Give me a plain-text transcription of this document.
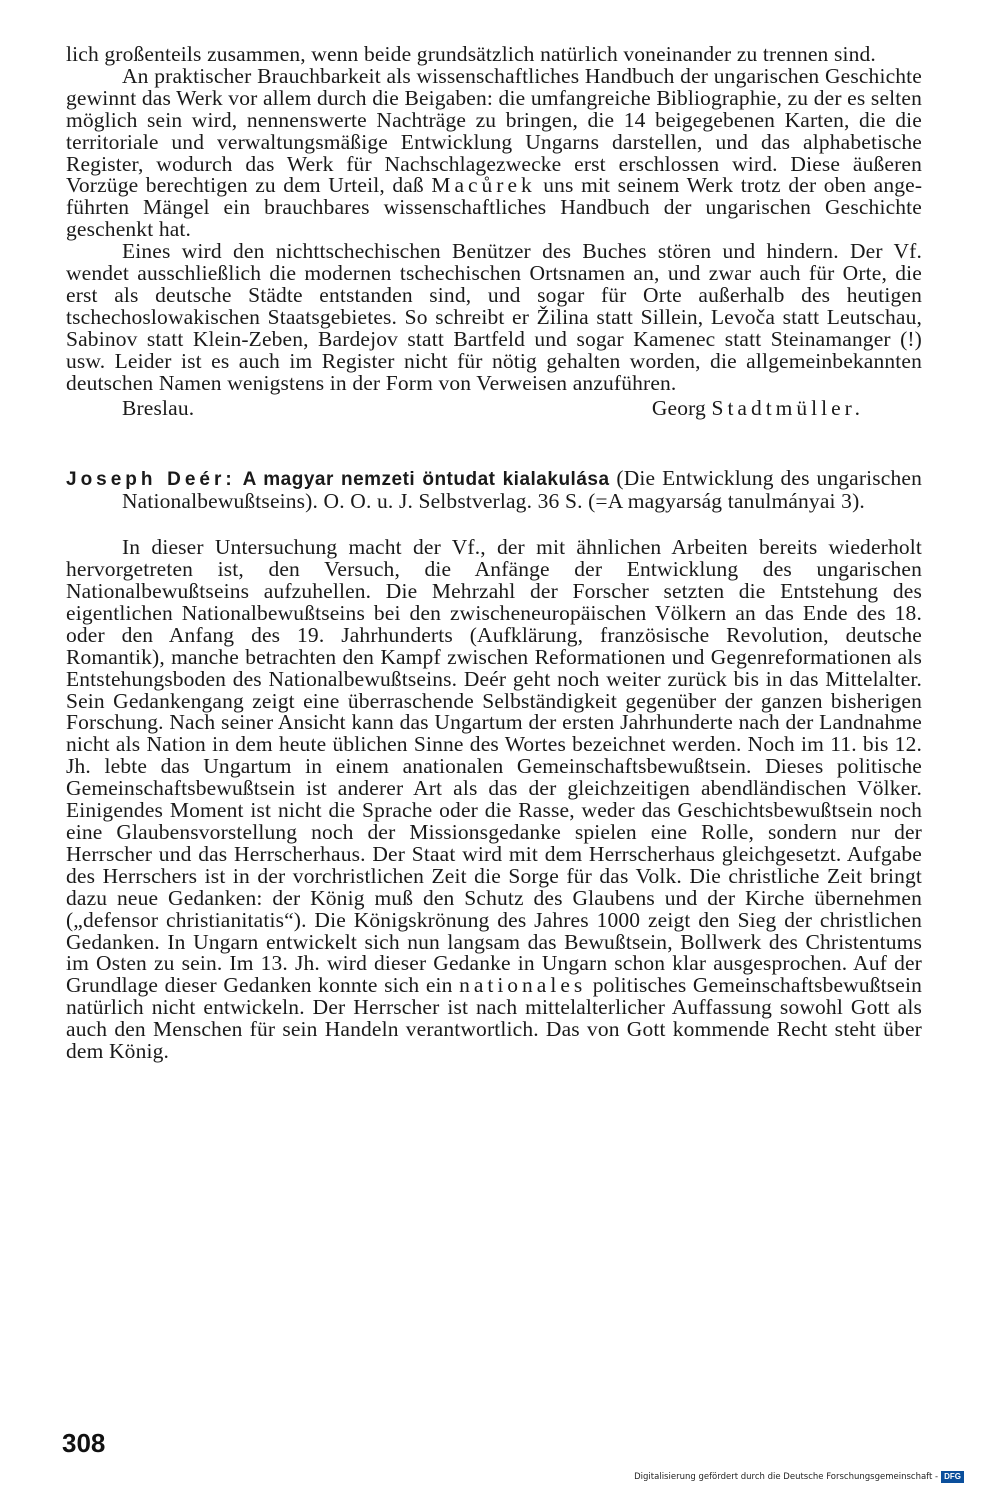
lich großenteils zusammen, wenn beide grundsätzlich natürlich voneinander zu trennen sind.

An praktischer Brauchbarkeit als wissenschaftliches Handbuch der ungarischen Geschichte gewinnt das Werk vor allem durch die Beigaben: die umfangreiche Bibliographie, zu der es selten möglich sein wird, nennenswerte Nachträge zu bringen, die 14 beigegebenen Karten, die die territoriale und verwaltungsmäßige Entwicklung Ungarns darstellen, und das alphabetische Register, wodurch das Werk für Nachschlagezwecke erst erschlossen wird. Diese äußeren Vorzüge berechtigen zu dem Urteil, daß Macůrek uns mit seinem Werk trotz der oben angeführten Mängel ein brauchbares wissenschaftliches Handbuch der ungarischen Geschichte geschenkt hat.

Eines wird den nichttschechischen Benützer des Buches stören und hindern. Der Vf. wendet ausschließlich die modernen tschechischen Ortsnamen an, und zwar auch für Orte, die erst als deutsche Städte entstanden sind, und sogar für Orte außerhalb des heutigen tschechoslowakischen Staatsgebietes. So schreibt er Žilina statt Sillein, Levoča statt Leutschau, Sabinov statt Klein-Zeben, Bardejov statt Bartfeld und sogar Kamenec statt Steinamanger (!) usw. Leider ist es auch im Register nicht für nötig gehalten worden, die allgemeinbekannten deutschen Namen wenigstens in der Form von Verweisen anzuführen.

Breslau.	Georg Stadtmüller.

Joseph Deér: A magyar nemzeti öntudat kialakulása (Die Entwicklung des ungarischen Nationalbewußtseins). O. O. u. J. Selbstverlag. 36 S. (=A magyarság tanulmányai 3).

In dieser Untersuchung macht der Vf., der mit ähnlichen Arbeiten bereits wiederholt hervorgetreten ist, den Versuch, die Anfänge der Entwicklung des ungarischen Nationalbewußtseins aufzuhellen. Die Mehrzahl der Forscher setzten die Entstehung des eigentlichen Nationalbewußtseins bei den zwischeneuropäischen Völkern an das Ende des 18. oder den Anfang des 19. Jahrhunderts (Aufklärung, französische Revolution, deutsche Romantik), manche betrachten den Kampf zwischen Reformationen und Gegenreformationen als Entstehungsboden des Nationalbewußtseins. Deér geht noch weiter zurück bis in das Mittelalter. Sein Gedankengang zeigt eine überraschende Selbständigkeit gegenüber der ganzen bisherigen Forschung. Nach seiner Ansicht kann das Ungartum der ersten Jahrhunderte nach der Landnahme nicht als Nation in dem heute üblichen Sinne des Wortes bezeichnet werden. Noch im 11. bis 12. Jh. lebte das Ungartum in einem anationalen Gemeinschaftsbewußtsein. Dieses politische Gemeinschaftsbewußtsein ist anderer Art als das der gleichzeitigen abendländischen Völker. Einigendes Moment ist nicht die Sprache oder die Rasse, weder das Geschichtsbewußtsein noch eine Glaubensvorstellung noch der Missionsgedanke spielen eine Rolle, sondern nur der Herrscher und das Herrscherhaus. Der Staat wird mit dem Herrscherhaus gleichgesetzt. Aufgabe des Herrschers ist in der vorchristlichen Zeit die Sorge für das Volk. Die christliche Zeit bringt dazu neue Gedanken: der König muß den Schutz des Glaubens und der Kirche übernehmen („defensor christianitatis“). Die Königskrönung des Jahres 1000 zeigt den Sieg der christlichen Gedanken. In Ungarn entwickelt sich nun langsam das Bewußtsein, Bollwerk des Christentums im Osten zu sein. Im 13. Jh. wird dieser Gedanke in Ungarn schon klar ausgesprochen. Auf der Grundlage dieser Gedanken konnte sich ein nationales politisches Gemeinschaftsbewußtsein natürlich nicht entwickeln. Der Herrscher ist nach mittelalterlicher Auffassung sowohl Gott als auch den Menschen für sein Handeln verantwortlich. Das von Gott kommende Recht steht über dem König.

308
Digitalisierung gefördert durch die Deutsche Forschungsgemeinschaft - DFG
